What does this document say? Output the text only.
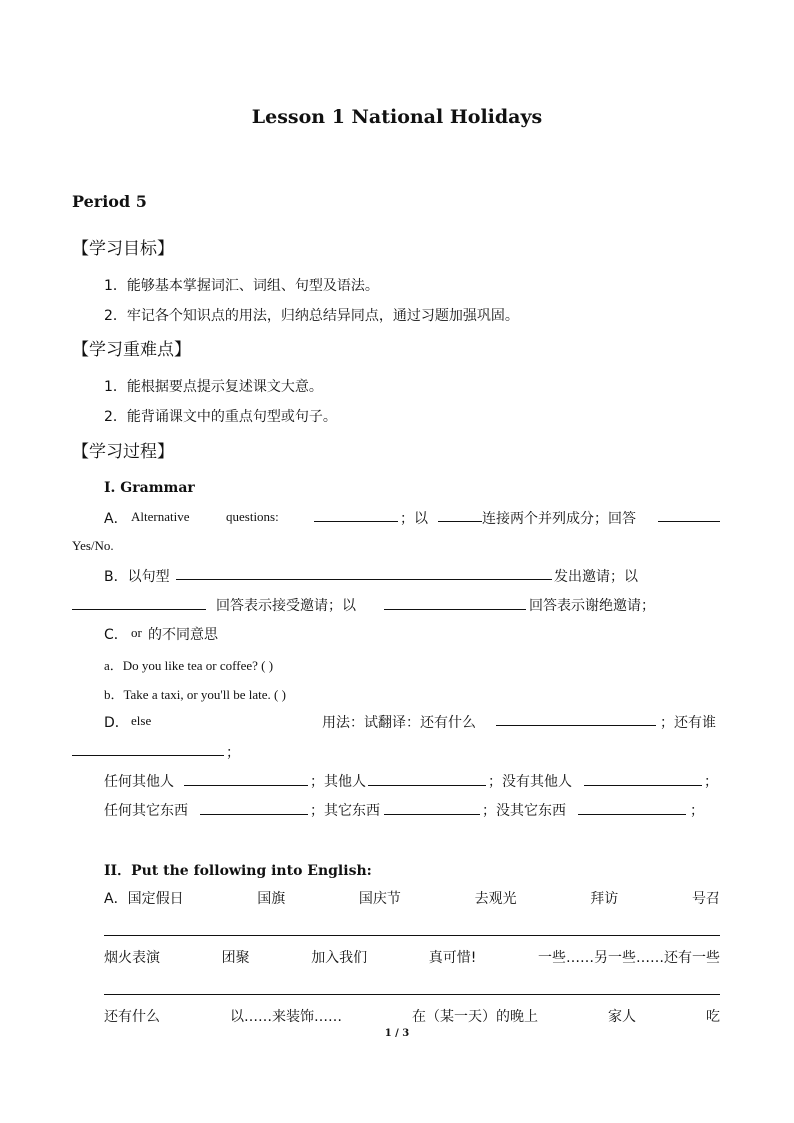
Lesson 1 National Holidays
Period 5
【学习目标】
1．能够基本掌握词汇、词组、句型及语法。
2．牢记各个知识点的用法，归纳总结异同点，通过习题加强巩固。
【学习重难点】
1．能根据要点提示复述课文大意。
2．能背诵课文中的重点句型或句子。
【学习过程】
I. Grammar
A． Alternative	questions:	；以	连接两个并列成分；回答
Yes/No.
B．以句型	发出邀请；以
回答表示接受邀请；以	回答表示谢绝邀请；
C． or 的不同意思
a．Do you like tea or coffee? ( )
b．Take a taxi, or you'll be late. ( )
D． else	用法：试翻译：还有什么	；还有谁
；
任何其他人	；其他人	；没有其他人	；
任何其它东西	；其它东西	；没其它东西	；
II．Put the following into English:
A．国定假日	国旗	国庆节	去观光	拜访	号召
烟火表演	团聚	加入我们	真可惜!	一些……另一些……还有一些
还有什么	以……来装饰……	在（某一天）的晚上	家人	吃
1 / 3
